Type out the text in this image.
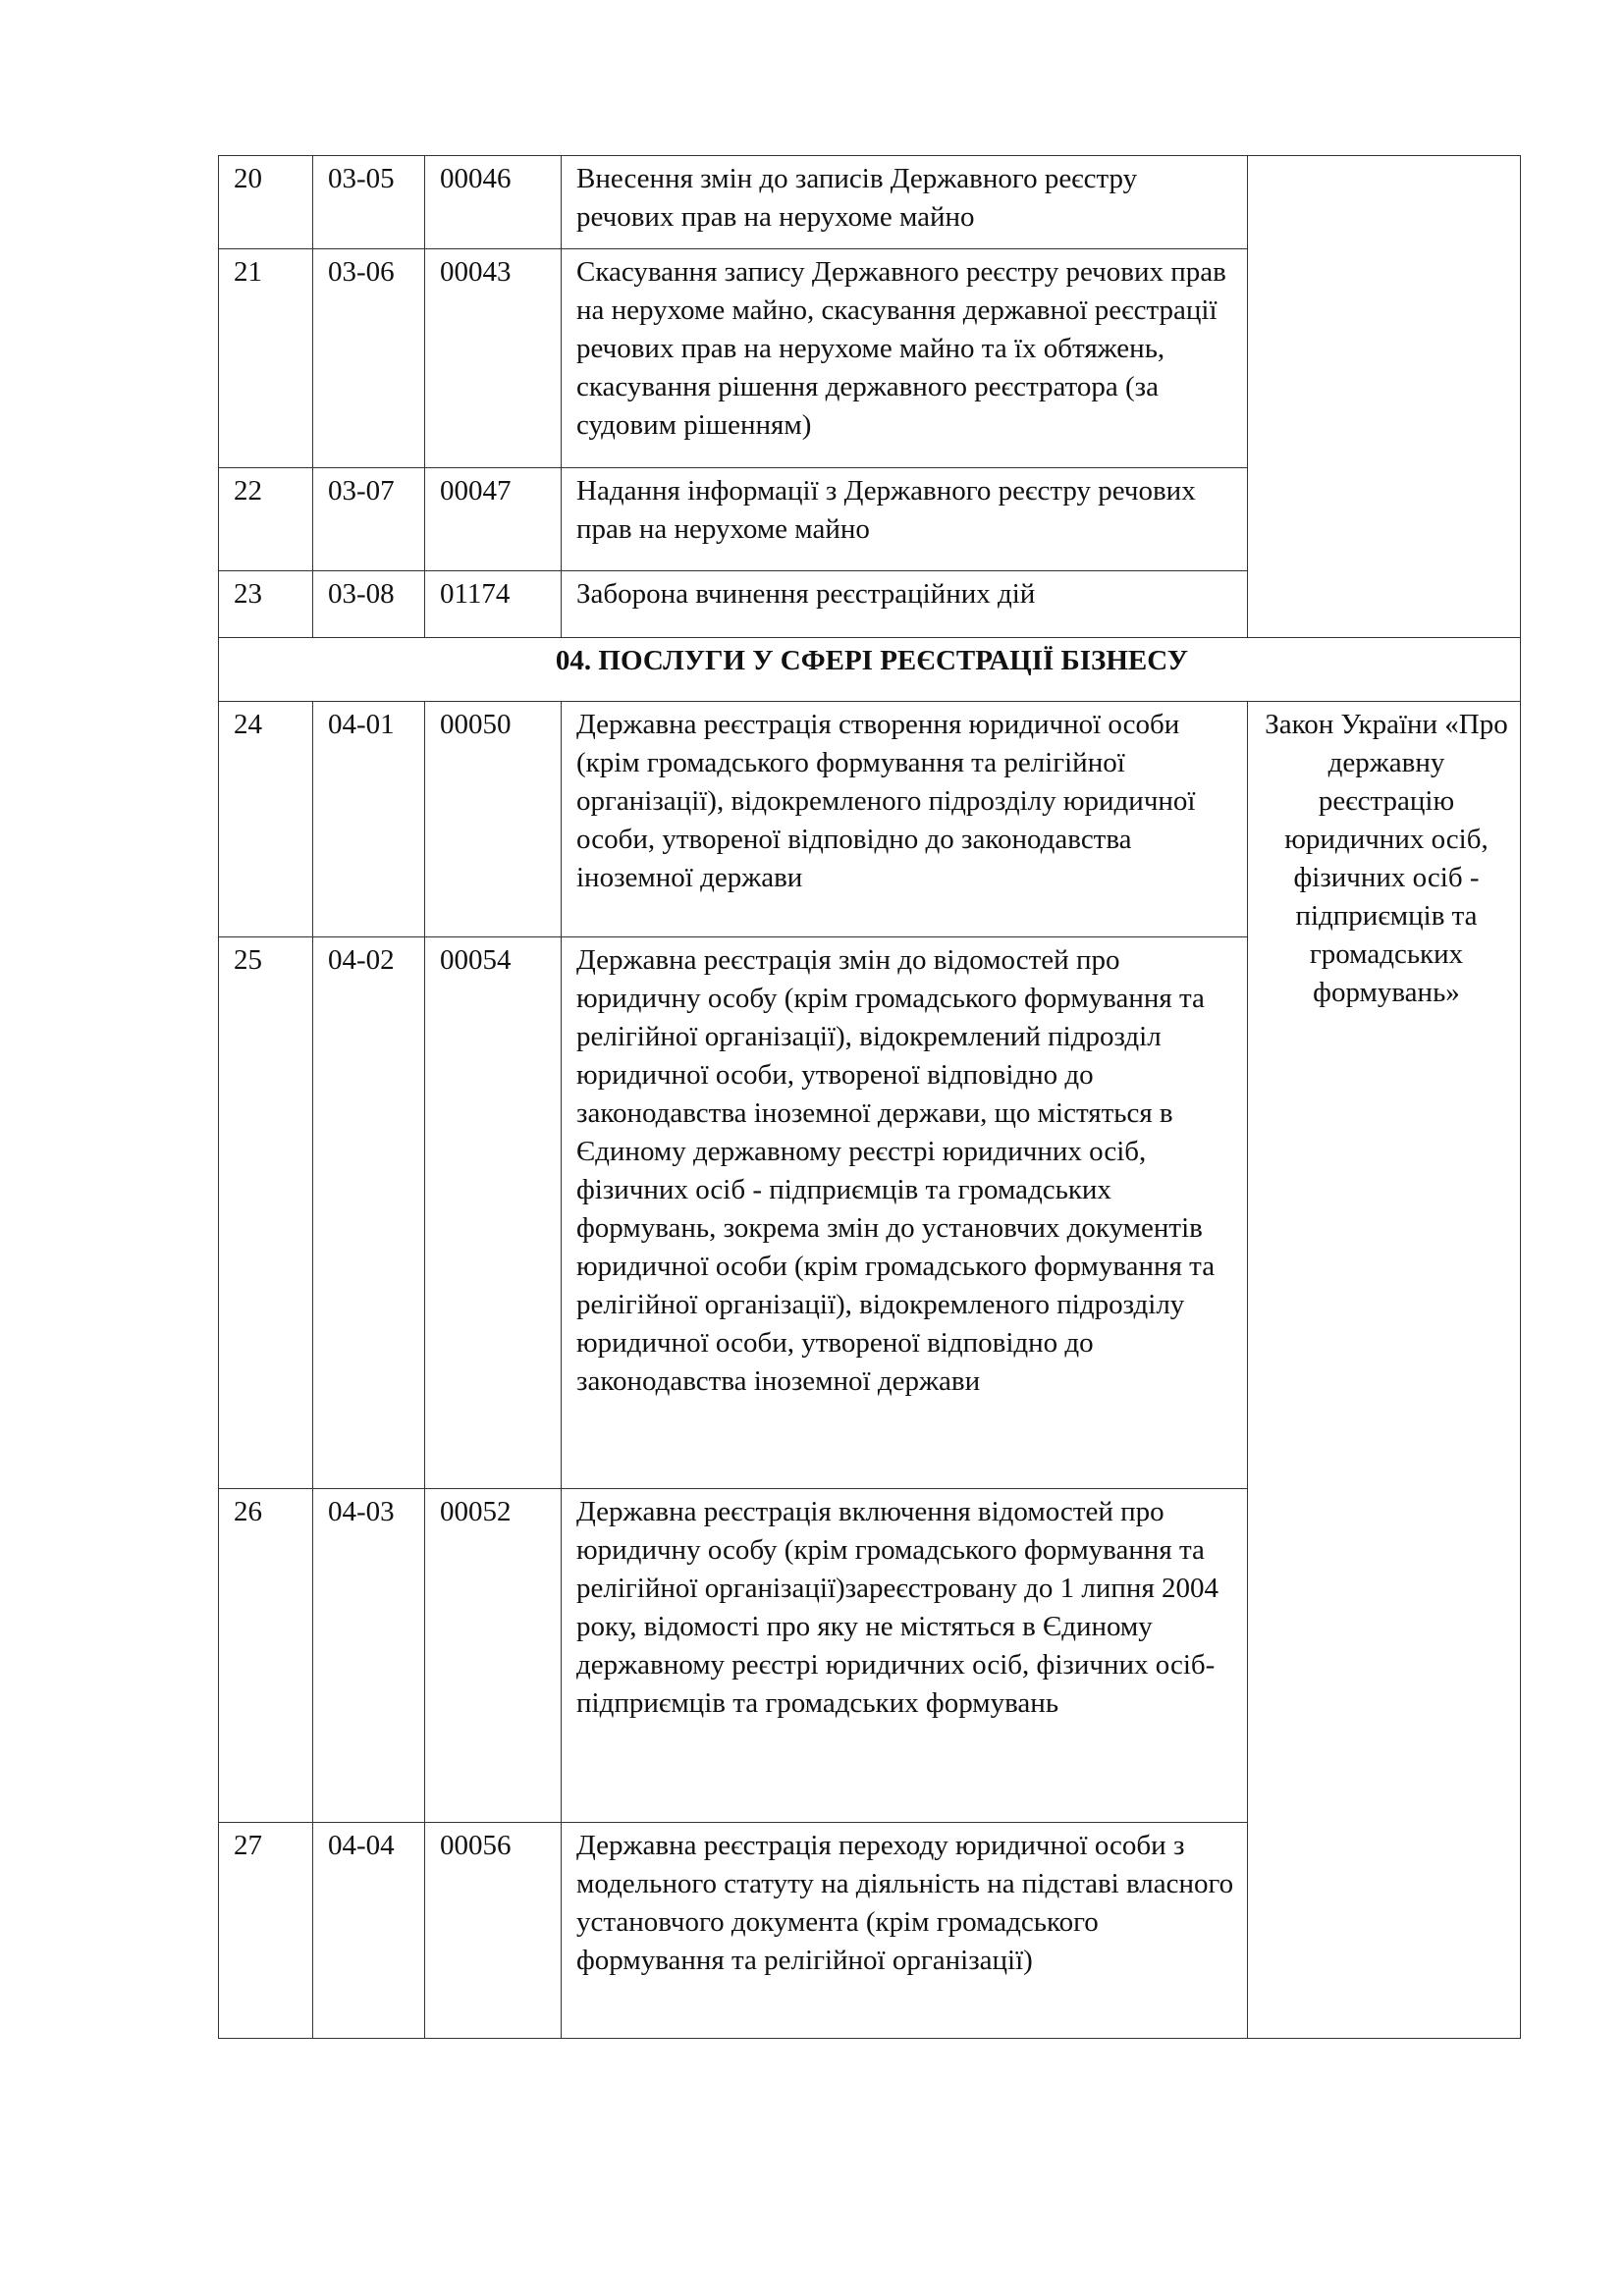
20	03-05	00046	Внесення змін до записів Державного реєстру речових прав на нерухоме майно	
21	03-06	00043	Скасування запису Державного реєстру речових прав на нерухоме майно, скасування державної реєстрації речових прав на нерухоме майно та їх обтяжень, скасування рішення державного реєстратора (за судовим рішенням)	
22	03-07	00047	Надання інформації з Державного реєстру речових прав на нерухоме майно	
23	03-08	01174	Заборона вчинення реєстраційних дій	
04. ПОСЛУГИ У СФЕРІ РЕЄСТРАЦІЇ БІЗНЕСУ				
24	04-01	00050	Державна реєстрація створення юридичної особи (крім громадського формування та релігійної організації), відокремленого підрозділу юридичної особи, утвореної відповідно до законодавства іноземної держави	Закон України «Про державну реєстрацію юридичних осіб, фізичних осіб - підприємців та громадських формувань»
25	04-02	00054	Державна реєстрація змін до відомостей про юридичну особу (крім громадського формування та релігійної організації), відокремлений підрозділ юридичної особи, утвореної відповідно до законодавства іноземної держави, що містяться в Єдиному державному реєстрі юридичних осіб, фізичних осіб - підприємців та громадських формувань, зокрема змін до установчих документів юридичної особи (крім громадського формування та релігійної організації), відокремленого підрозділу юридичної особи, утвореної відповідно до законодавства іноземної держави	
26	04-03	00052	Державна реєстрація включення відомостей про юридичну особу (крім громадського формування та релігійної організації)зареєстровану до 1 липня 2004 року, відомості про яку не містяться в Єдиному державному реєстрі юридичних осіб, фізичних осіб-підприємців та громадських формувань	
27	04-04	00056	Державна реєстрація переходу юридичної особи з модельного статуту на діяльність на підставі власного установчого документа (крім громадського формування та релігійної організації)	
